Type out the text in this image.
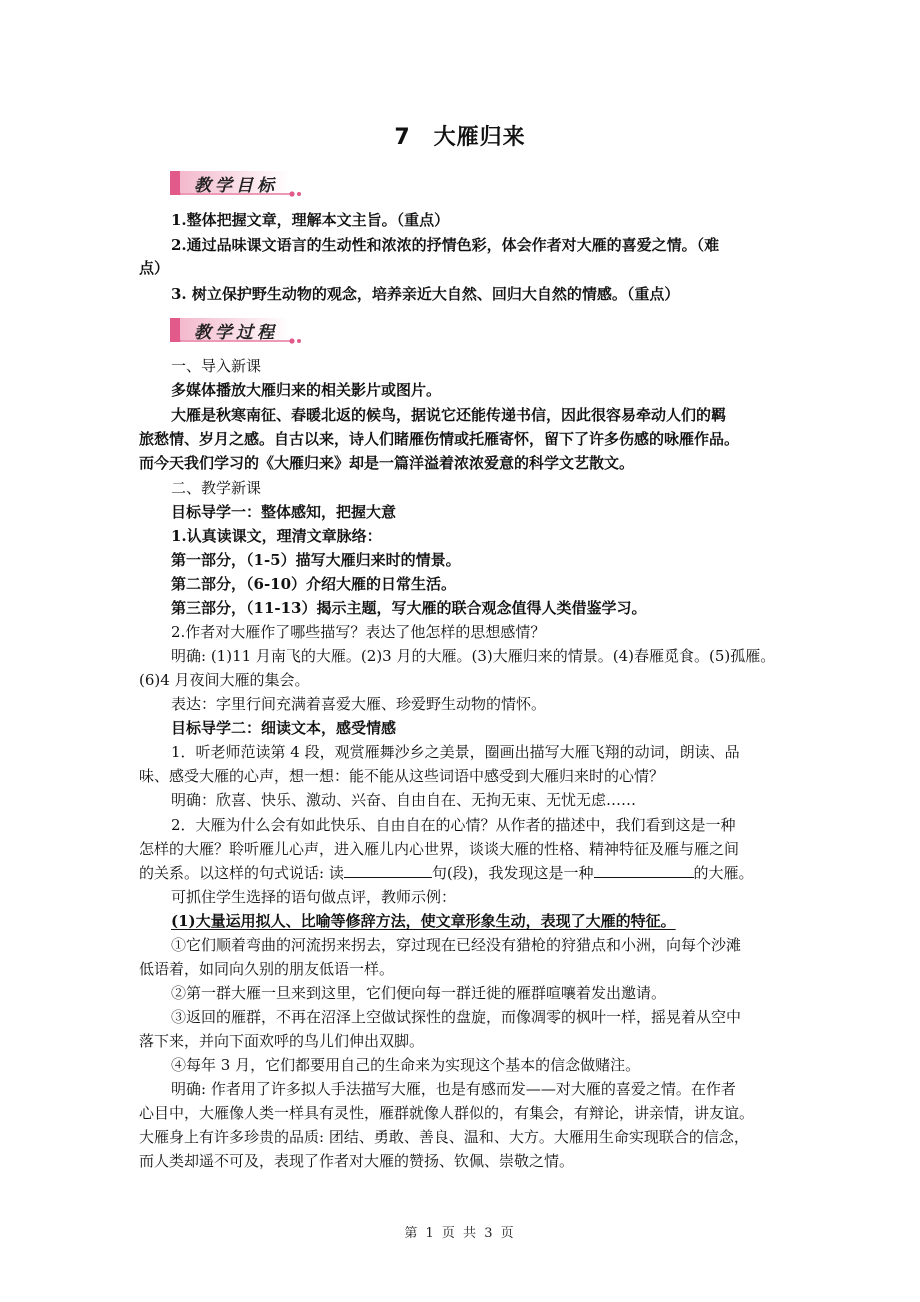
7　大雁归来
教学目标
1.整体把握文章，理解本文主旨。（重点）
2.通过品味课文语言的生动性和浓浓的抒情色彩，体会作者对大雁的喜爱之情。（难
点）
3. 树立保护野生动物的观念，培养亲近大自然、回归大自然的情感。（重点）
教学过程
一、导入新课
多媒体播放大雁归来的相关影片或图片。
大雁是秋寒南征、春暖北返的候鸟，据说它还能传递书信，因此很容易牵动人们的羁
旅愁情、岁月之感。自古以来，诗人们睹雁伤情或托雁寄怀，留下了许多伤感的咏雁作品。
而今天我们学习的《大雁归来》却是一篇洋溢着浓浓爱意的科学文艺散文。
二、教学新课
目标导学一：整体感知，把握大意
1.认真读课文，理清文章脉络：
第一部分，（1-5）描写大雁归来时的情景。
第二部分，（6-10）介绍大雁的日常生活。
第三部分，（11-13）揭示主题，写大雁的联合观念值得人类借鉴学习。
2.作者对大雁作了哪些描写？表达了他怎样的思想感情？
明确: (1)11 月南飞的大雁。(2)3 月的大雁。(3)大雁归来的情景。(4)春雁觅食。(5)孤雁。
(6)4 月夜间大雁的集会。
表达：字里行间充满着喜爱大雁、珍爱野生动物的情怀。
目标导学二：细读文本，感受情感
1．听老师范读第 4 段，观赏雁舞沙乡之美景，圈画出描写大雁飞翔的动词，朗读、品
味、感受大雁的心声，想一想：能不能从这些词语中感受到大雁归来时的心情？
明确：欣喜、快乐、激动、兴奋、自由自在、无拘无束、无忧无虑……
2．大雁为什么会有如此快乐、自由自在的心情？从作者的描述中，我们看到这是一种
怎样的大雁？聆听雁儿心声，进入雁儿内心世界，谈谈大雁的性格、精神特征及雁与雁之间
的关系。以这样的句式说话: 读	句(段)，我发现这是一种	的大雁。
可抓住学生选择的语句做点评，教师示例：
(1)大量运用拟人、比喻等修辞方法，使文章形象生动，表现了大雁的特征。
①它们顺着弯曲的河流拐来拐去，穿过现在已经没有猎枪的狩猎点和小洲，向每个沙滩
低语着，如同向久别的朋友低语一样。
②第一群大雁一旦来到这里，它们便向每一群迁徙的雁群喧嚷着发出邀请。
③返回的雁群，不再在沼泽上空做试探性的盘旋，而像凋零的枫叶一样，摇晃着从空中
落下来，并向下面欢呼的鸟儿们伸出双脚。
④每年 3 月，它们都要用自己的生命来为实现这个基本的信念做赌注。
明确: 作者用了许多拟人手法描写大雁，也是有感而发——对大雁的喜爱之情。在作者
心目中，大雁像人类一样具有灵性，雁群就像人群似的，有集会，有辩论，讲亲情，讲友谊。
大雁身上有许多珍贵的品质: 团结、勇敢、善良、温和、大方。大雁用生命实现联合的信念，
而人类却遥不可及，表现了作者对大雁的赞扬、钦佩、崇敬之情。
第 1 页 共 3 页
